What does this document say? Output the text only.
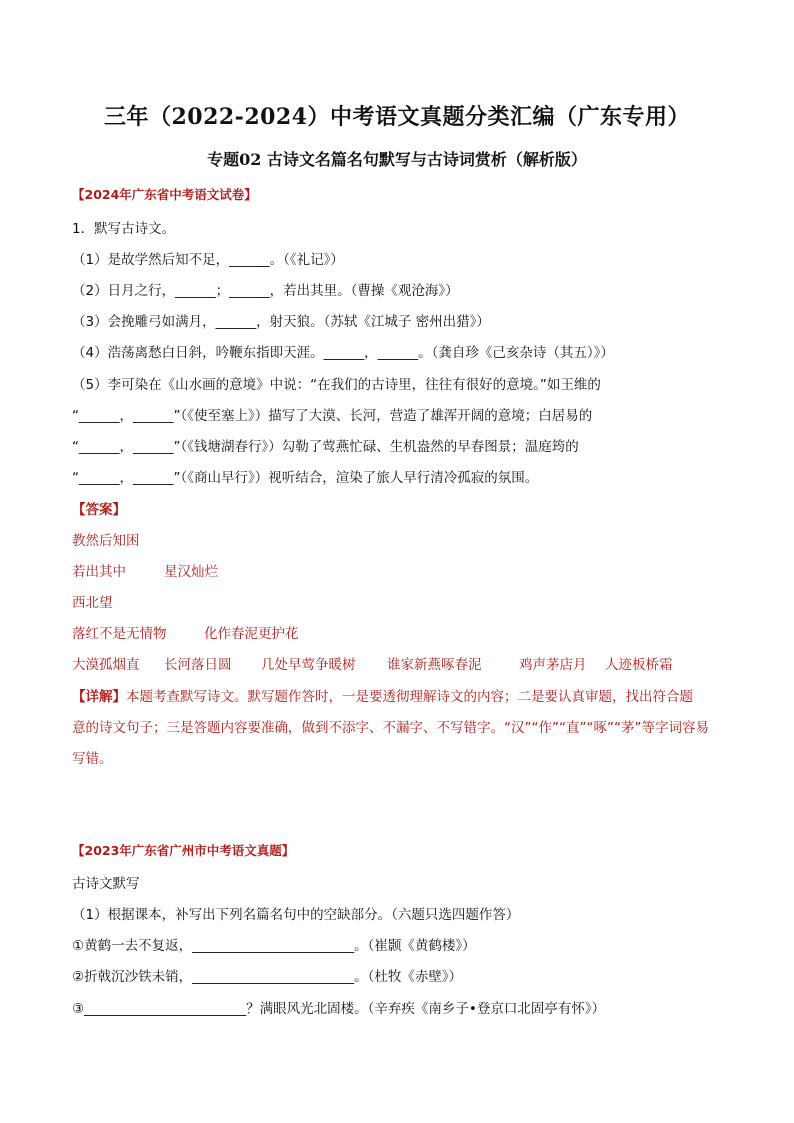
三年（2022-2024）中考语文真题分类汇编（广东专用）
专题02 古诗文名篇名句默写与古诗词赏析（解析版）
【2024年广东省中考语文试卷】
1．默写古诗文。
（1）是故学然后知不足，______。（《礼记》）
（2）日月之行，______；______，若出其里。（曹操《观沧海》）
（3）会挽雕弓如满月，______，射天狼。（苏轼《江城子 密州出猎》）
（4）浩荡离愁白日斜，吟鞭东指即天涯。______，______。（龚自珍《己亥杂诗（其五）》）
（5）李可染在《山水画的意境》中说：“在我们的古诗里，往往有很好的意境。”如王维的
“______，______”（《使至塞上》）描写了大漠、长河，营造了雄浑开阔的意境；白居易的
“______，______”（《钱塘湖春行》）勾勒了莺燕忙碌、生机盎然的早春图景；温庭筠的
“______，______”（《商山早行》）视听结合，渲染了旅人早行清冷孤寂的氛围。
【答案】
教然后知困
若出其中	星汉灿烂
西北望
落红不是无情物	化作春泥更护花
大漠孤烟直 长河落日圆 几处早莺争暖树 谁家新燕啄春泥	鸡声茅店月 人迹板桥霜
【详解】本题考查默写诗文。默写题作答时，一是要透彻理解诗文的内容；二是要认真审题，找出符合题
意的诗文句子；三是答题内容要准确，做到不添字、不漏字、不写错字。“汉”“作”“直”“啄”“茅”等字词容易
写错。
【2023年广东省广州市中考语文真题】
古诗文默写
（1）根据课本，补写出下列名篇名句中的空缺部分。（六题只选四题作答）
①黄鹤一去不复返，________________________。（崔颢《黄鹤楼》）
②折戟沉沙铁未销，________________________。（杜牧《赤壁》）
③________________________？满眼风光北固楼。（辛弃疾《南乡子•登京口北固亭有怀》）
